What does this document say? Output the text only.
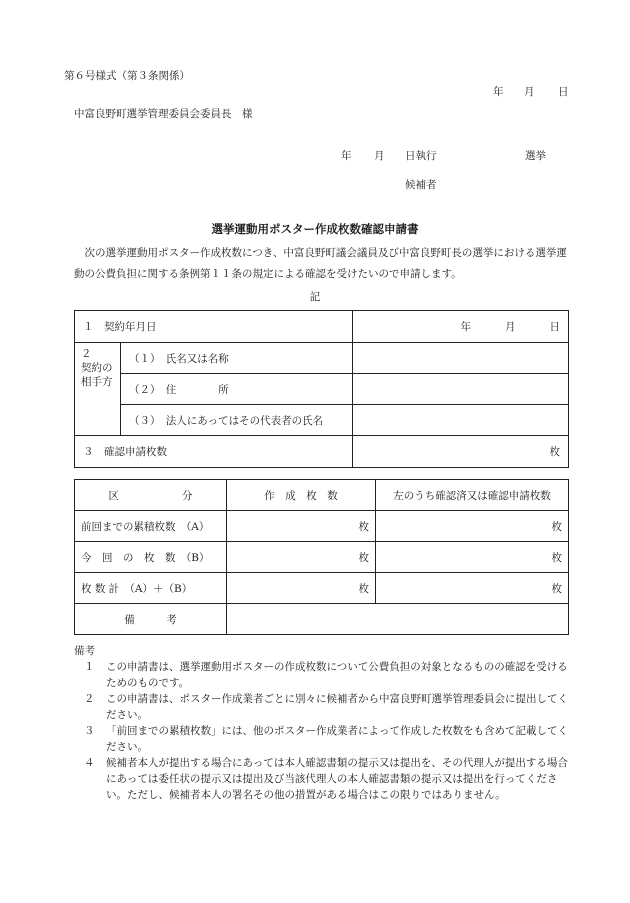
第６号様式（第３条関係）
年 月 日
中富良野町選挙管理委員会委員長　様
年 月 日執行	選挙
候補者
選挙運動用ポスター作成枚数確認申請書
次の選挙運動用ポスター作成枚数につき、中富良野町議会議員及び中富良野町長の選挙における選挙運動の公費負担に関する条例第１１条の規定による確認を受けたいので申請します。
記
１　契約年月日		年 月 日

２
契約の相手方	（１）　氏名又は名称	
	（２）　住　　　　所	
	（３）　法人にあってはその代表者の氏名	
３　確認申請枚数		枚
区　　　　　　分	作　成　枚　数	左のうち確認済又は確認申請枚数
前回までの累積枚数　（A）	枚	枚
今　回　の　枚　数　（B）	枚	枚
枚 数 計　（A）＋（B）	枚	枚
備　　　考		
備考
１	この申請書は、選挙運動用ポスターの作成枚数について公費負担の対象となるものの確認を受けるためのものです。
２	この申請書は、ポスター作成業者ごとに別々に候補者から中富良野町選挙管理委員会に提出してください。
３	「前回までの累積枚数」には、他のポスター作成業者によって作成した枚数をも含めて記載してください。
４	候補者本人が提出する場合にあっては本人確認書類の提示又は提出を、その代理人が提出する場合にあっては委任状の提示又は提出及び当該代理人の本人確認書類の提示又は提出を行ってください。ただし、候補者本人の署名その他の措置がある場合はこの限りではありません。
